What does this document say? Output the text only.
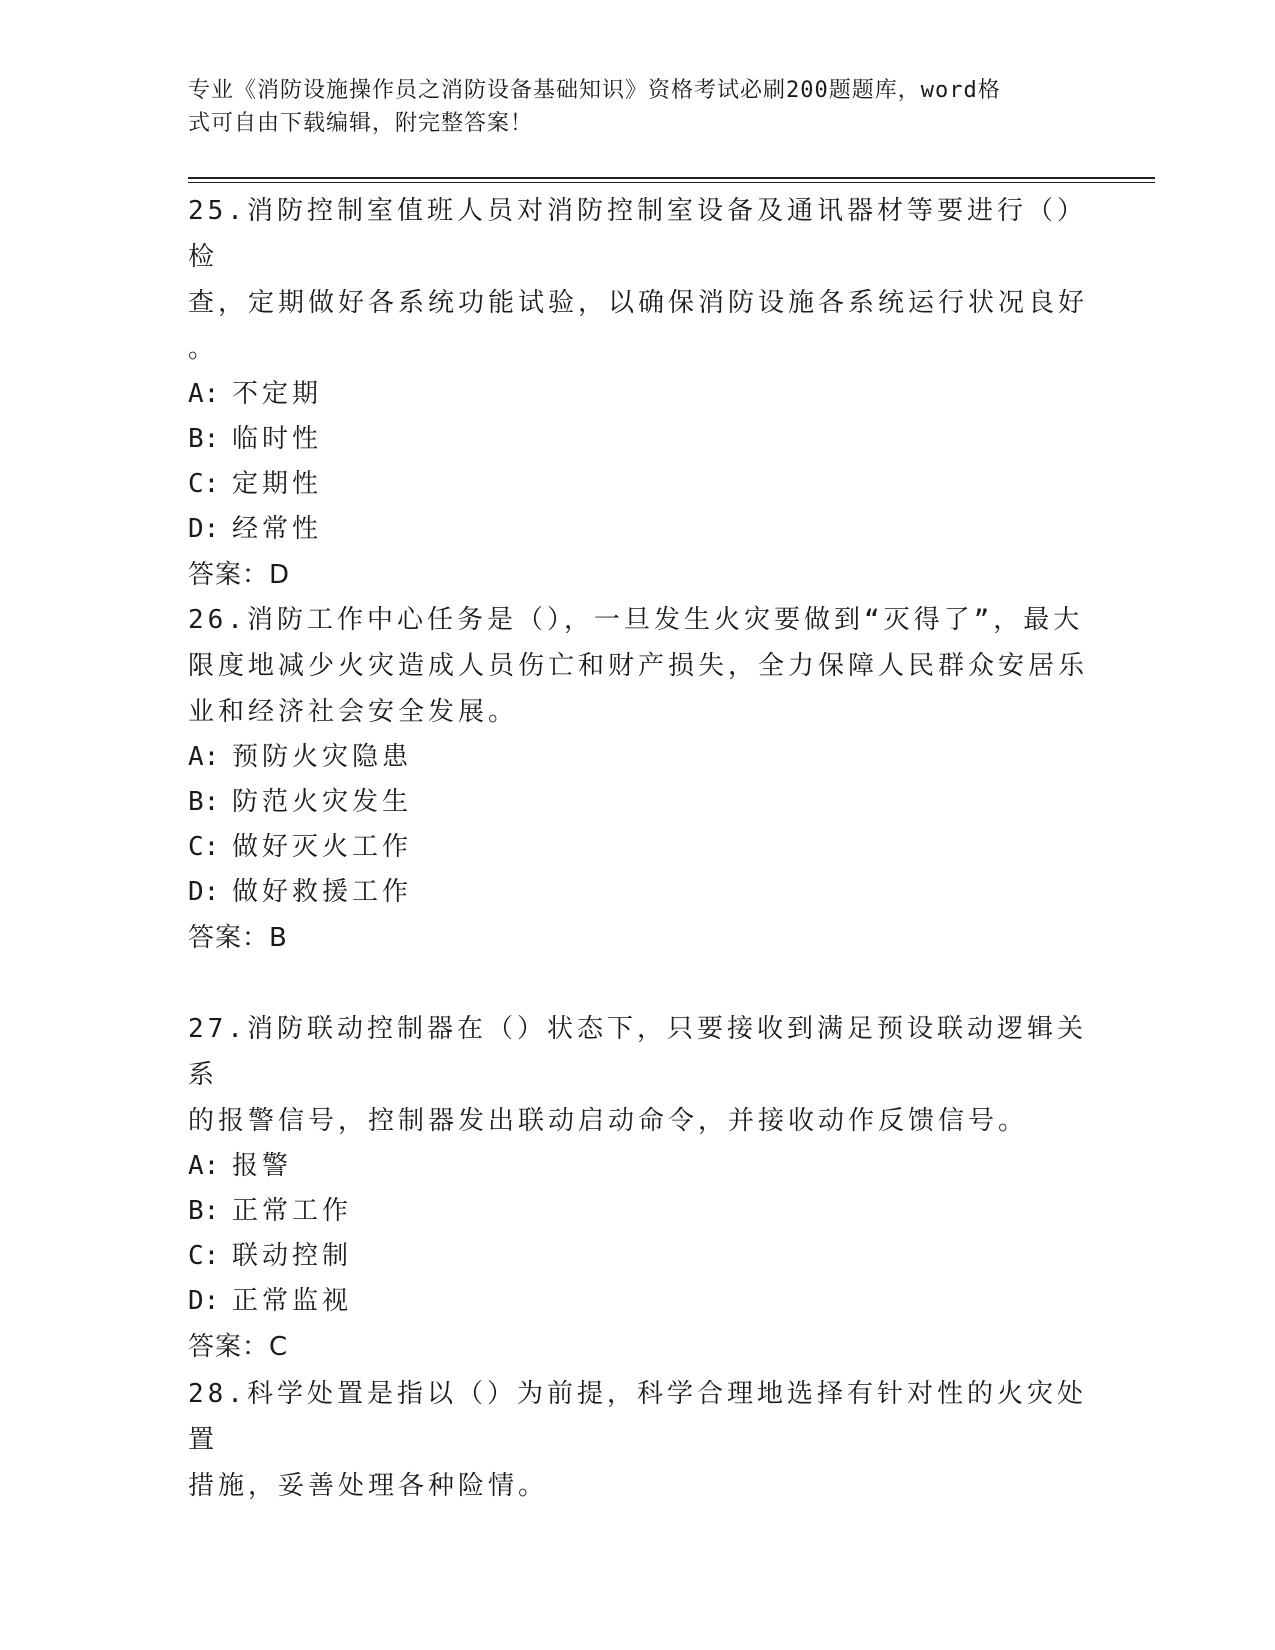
专业《消防设施操作员之消防设备基础知识》资格考试必刷200题题库，word格
式可自由下载编辑，附完整答案！

25.消防控制室值班人员对消防控制室设备及通讯器材等要进行（）检

查，定期做好各系统功能试验，以确保消防设施各系统运行状况良好

。

A: 不定期

B: 临时性

C: 定期性

D: 经常性

答案：D

26.消防工作中心任务是（），一旦发生火灾要做到“灭得了”，最大

限度地减少火灾造成人员伤亡和财产损失，全力保障人民群众安居乐

业和经济社会安全发展。

A: 预防火灾隐患

B: 防范火灾发生

C: 做好灭火工作

D: 做好救援工作

答案：B

27.消防联动控制器在（）状态下，只要接收到满足预设联动逻辑关系

的报警信号，控制器发出联动启动命令，并接收动作反馈信号。

A: 报警

B: 正常工作

C: 联动控制

D: 正常监视

答案：C

28.科学处置是指以（）为前提，科学合理地选择有针对性的火灾处置

措施，妥善处理各种险情。
